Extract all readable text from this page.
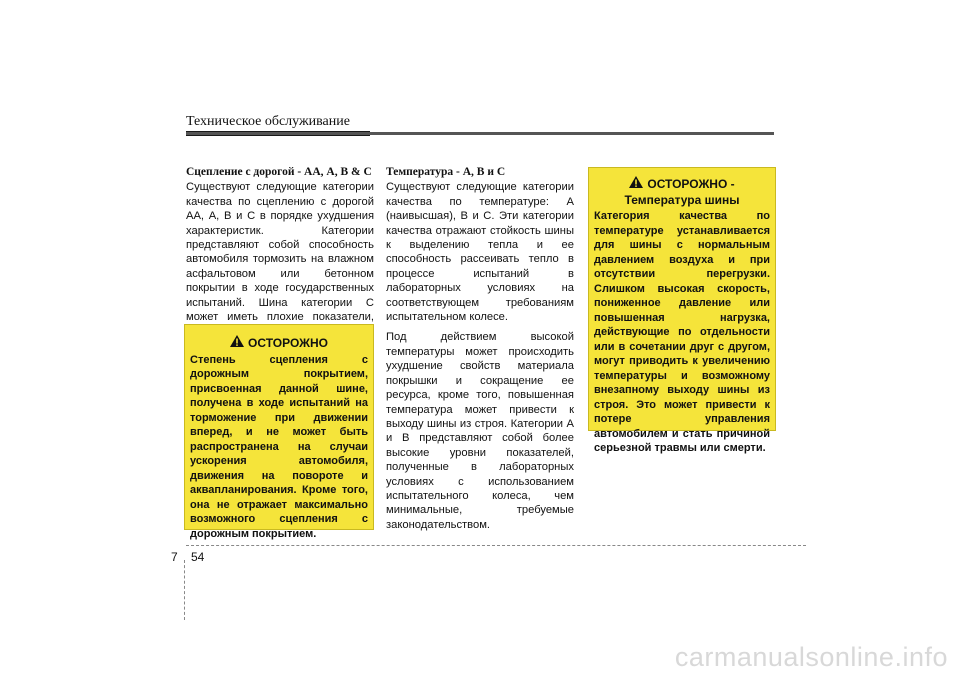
Техническое обслуживание
Сцепление с дорогой - АА, А, В & С

Существуют следующие категории качества по сцеплению с дорогой АА, А, В и С в порядке ухудшения характеристик. Категории представляют собой способность автомобиля тормозить на влажном асфальтовом или бетонном покрытии в ходе государственных испытаний. Шина категории С может иметь плохие показатели,

ОСТОРОЖНО
Степень сцепления с дорожным покрытием, присвоенная данной шине, получена в ходе испытаний на торможение при движении вперед, и не может быть распространена на случаи ускорения автомобиля, движения на повороте и аквапланирования. Кроме того, она не отражает максимально возможного сцепления с дорожным покрытием.
Температура - А, В и С

Существуют следующие категории качества по температуре: А (наивысшая), В и С. Эти категории качества отражают стойкость шины к выделению тепла и ее способность рассеивать тепло в процессе испытаний в лабораторных условиях на соответствующем требованиям испытательном колесе.

Под действием высокой температуры может происходить ухудшение свойств материала покрышки и сокращение ее ресурса, кроме того, повышенная температура может привести к выходу шины из строя. Категории А и В представляют собой более высокие уровни показателей, полученные в лабораторных условиях с использованием испытательного колеса, чем минимальные, требуемые законодательством.

ОСТОРОЖНО -
Температура шины
Категория качества по температуре устанавливается для шины с нормальным давлением воздуха и при отсутствии перегрузки. Слишком высокая скорость, пониженное давление или повышенная нагрузка, действующие по отдельности или в сочетании друг с другом, могут приводить к увеличению температуры и возможному внезапному выходу шины из строя. Это может привести к потере управления автомобилем и стать причиной серьезной травмы или смерти.
7 54
carmanualsonline.info
